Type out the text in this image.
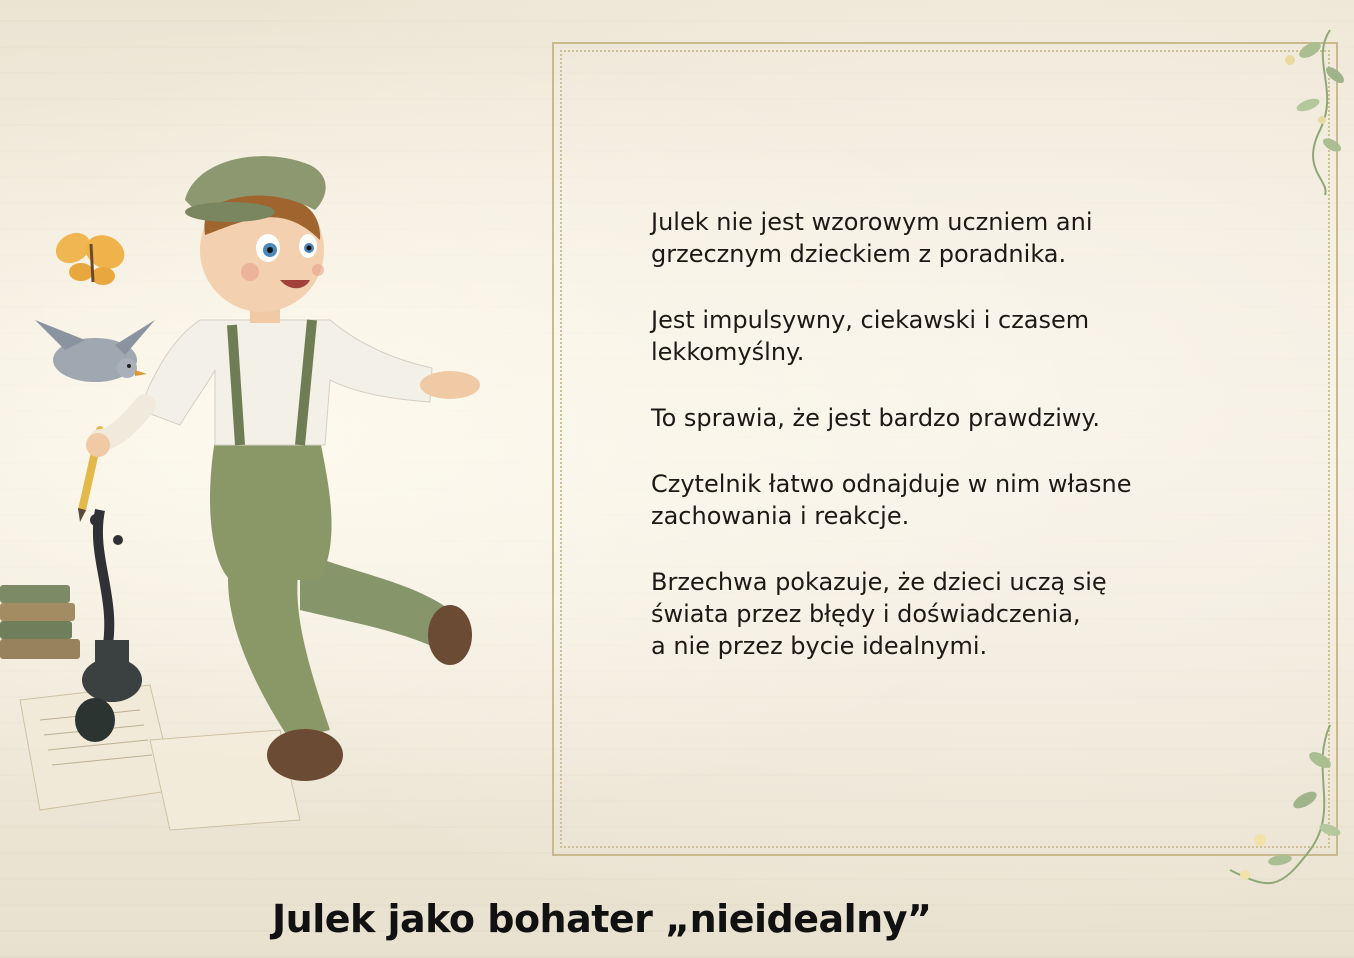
Julek nie jest wzorowym uczniem ani
grzecznym dzieckiem z poradnika.

Jest impulsywny, ciekawski i czasem
lekkomyślny.

To sprawia, że jest bardzo prawdziwy.

Czytelnik łatwo odnajduje w nim własne
zachowania i reakcje.

Brzechwa pokazuje, że dzieci uczą się
świata przez błędy i doświadczenia,
a nie przez bycie idealnymi.

Julek jako bohater „nieidealny”
